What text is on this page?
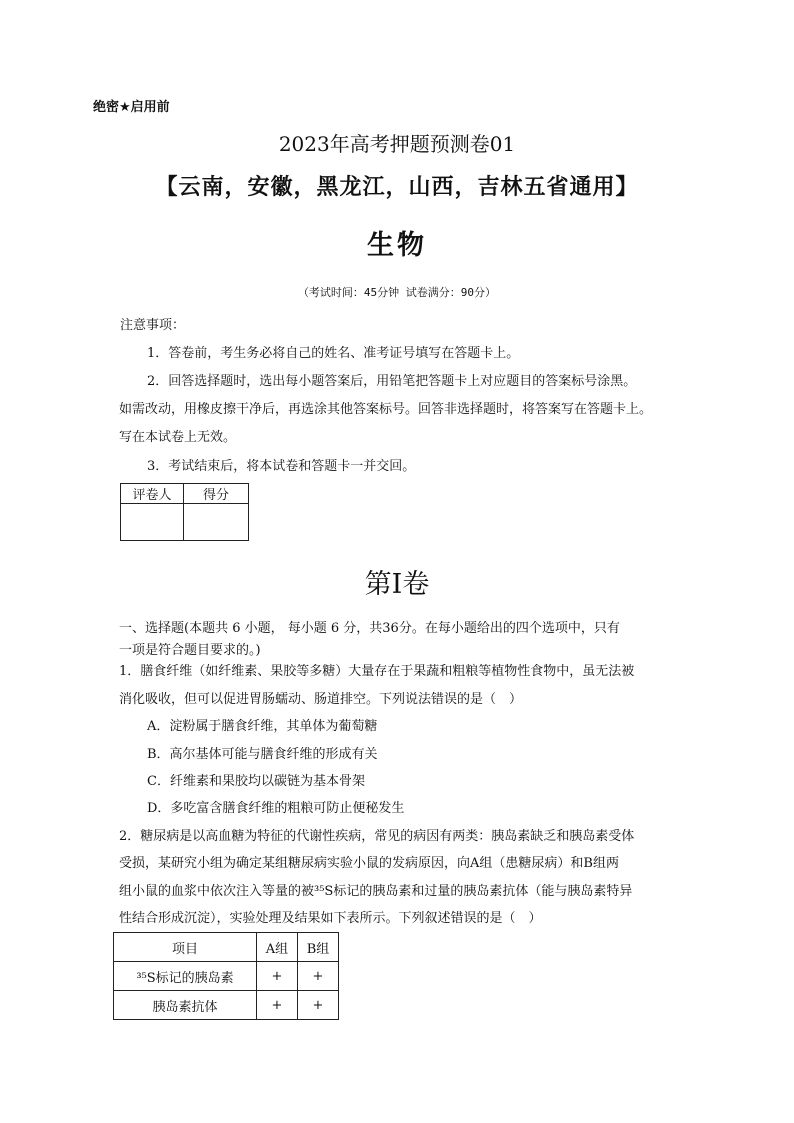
绝密★启用前
2023年高考押题预测卷01
【云南，安徽，黑龙江，山西，吉林五省通用】
生物
（考试时间：45分钟 试卷满分：90分）
注意事项：
1．答卷前，考生务必将自己的姓名、准考证号填写在答题卡上。
2．回答选择题时，选出每小题答案后，用铅笔把答题卡上对应题目的答案标号涂黑。
如需改动，用橡皮擦干净后，再选涂其他答案标号。回答非选择题时，将答案写在答题卡上。
写在本试卷上无效。
3．考试结束后，将本试卷和答题卡一并交回。
评卷人	得分

第I卷
一、选择题(本题共 6 小题， 每小题 6 分，共36分。在每小题给出的四个选项中，只有
一项是符合题目要求的。)
1．膳食纤维（如纤维素、果胶等多糖）大量存在于果蔬和粗粮等植物性食物中，虽无法被
消化吸收，但可以促进胃肠蠕动、肠道排空。下列说法错误的是（　）
A．淀粉属于膳食纤维，其单体为葡萄糖
B．高尔基体可能与膳食纤维的形成有关
C．纤维素和果胶均以碳链为基本骨架
D．多吃富含膳食纤维的粗粮可防止便秘发生
2．糖尿病是以高血糖为特征的代谢性疾病，常见的病因有两类：胰岛素缺乏和胰岛素受体
受损，某研究小组为确定某组糖尿病实验小鼠的发病原因，向A组（患糖尿病）和B组两
组小鼠的血浆中依次注入等量的被³⁵S标记的胰岛素和过量的胰岛素抗体（能与胰岛素特异
性结合形成沉淀），实验处理及结果如下表所示。下列叙述错误的是（　）
项目	A组	B组
³⁵S标记的胰岛素	+	+
胰岛素抗体	+	+
